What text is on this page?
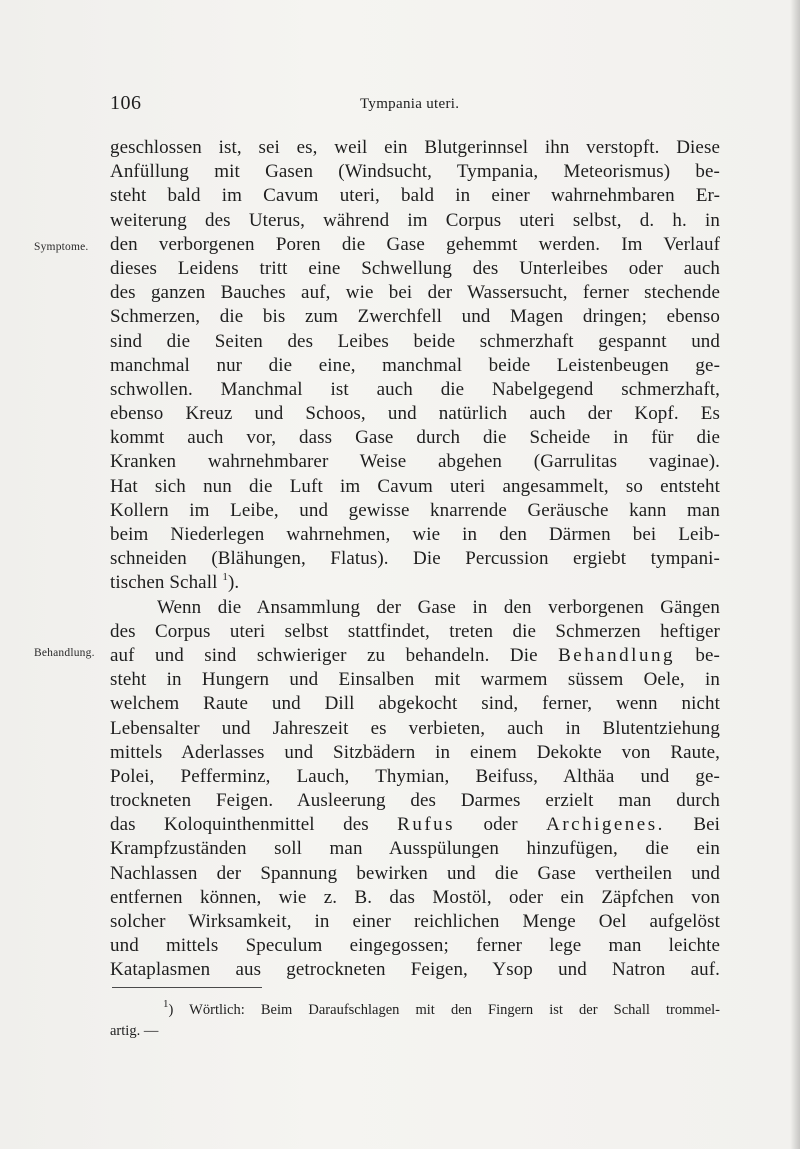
106	Tympania uteri.
Symptome.
Behandlung.
geschlossen ist, sei es, weil ein Blutgerinnsel ihn verstopft. Diese
Anfüllung mit Gasen (Windsucht, Tympania, Meteorismus) be-
steht bald im Cavum uteri, bald in einer wahrnehmbaren Er-
weiterung des Uterus, während im Corpus uteri selbst, d. h. in
den verborgenen Poren die Gase gehemmt werden. Im Verlauf
dieses Leidens tritt eine Schwellung des Unterleibes oder auch
des ganzen Bauches auf, wie bei der Wassersucht, ferner stechende
Schmerzen, die bis zum Zwerchfell und Magen dringen; ebenso
sind die Seiten des Leibes beide schmerzhaft gespannt und
manchmal nur die eine, manchmal beide Leistenbeugen ge-
schwollen. Manchmal ist auch die Nabelgegend schmerzhaft,
ebenso Kreuz und Schoos, und natürlich auch der Kopf. Es
kommt auch vor, dass Gase durch die Scheide in für die
Kranken wahrnehmbarer Weise abgehen (Garrulitas vaginae).
Hat sich nun die Luft im Cavum uteri angesammelt, so entsteht
Kollern im Leibe, und gewisse knarrende Geräusche kann man
beim Niederlegen wahrnehmen, wie in den Därmen bei Leib-
schneiden (Blähungen, Flatus). Die Percussion ergiebt tympani-
tischen Schall $^1$).
Wenn die Ansammlung der Gase in den verborgenen Gängen
des Corpus uteri selbst stattfindet, treten die Schmerzen heftiger
auf und sind schwieriger zu behandeln. Die Behandlung be-
steht in Hungern und Einsalben mit warmem süssem Oele, in
welchem Raute und Dill abgekocht sind, ferner, wenn nicht
Lebensalter und Jahreszeit es verbieten, auch in Blutentziehung
mittels Aderlasses und Sitzbädern in einem Dekokte von Raute,
Polei, Pefferminz, Lauch, Thymian, Beifuss, Althäa und ge-
trockneten Feigen. Ausleerung des Darmes erzielt man durch
das Koloquinthenmittel des Rufus oder Archigenes. Bei
Krampfzuständen soll man Ausspülungen hinzufügen, die ein
Nachlassen der Spannung bewirken und die Gase vertheilen und
entfernen können, wie z. B. das Mostöl, oder ein Zäpfchen von
solcher Wirksamkeit, in einer reichlichen Menge Oel aufgelöst
und mittels Speculum eingegossen; ferner lege man leichte
Kataplasmen aus getrockneten Feigen, Ysop und Natron auf.
$^1$) Wörtlich: Beim Daraufschlagen mit den Fingern ist der Schall trommel-
artig. —
